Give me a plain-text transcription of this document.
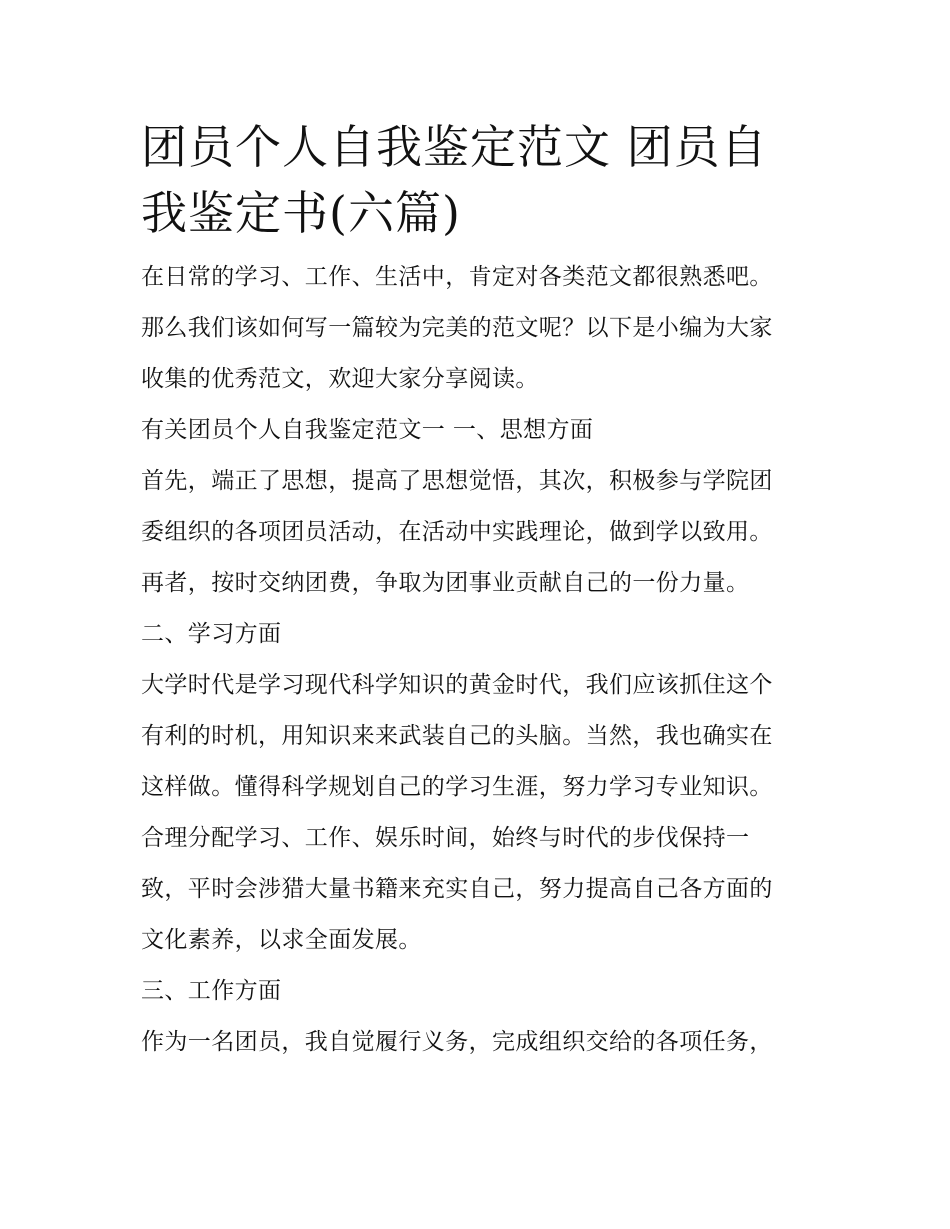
团员个人自我鉴定范文 团员自
我鉴定书(六篇)

在日常的学习、工作、生活中，肯定对各类范文都很熟悉吧。

那么我们该如何写一篇较为完美的范文呢？以下是小编为大家

收集的优秀范文，欢迎大家分享阅读。

有关团员个人自我鉴定范文一 一、思想方面

首先，端正了思想，提高了思想觉悟，其次，积极参与学院团

委组织的各项团员活动，在活动中实践理论，做到学以致用。

再者，按时交纳团费，争取为团事业贡献自己的一份力量。

二、学习方面

大学时代是学习现代科学知识的黄金时代，我们应该抓住这个

有利的时机，用知识来来武装自己的头脑。当然，我也确实在

这样做。懂得科学规划自己的学习生涯，努力学习专业知识。

合理分配学习、工作、娱乐时间，始终与时代的步伐保持一

致，平时会涉猎大量书籍来充实自己，努力提高自己各方面的

文化素养，以求全面发展。

三、工作方面

作为一名团员，我自觉履行义务，完成组织交给的各项任务，
